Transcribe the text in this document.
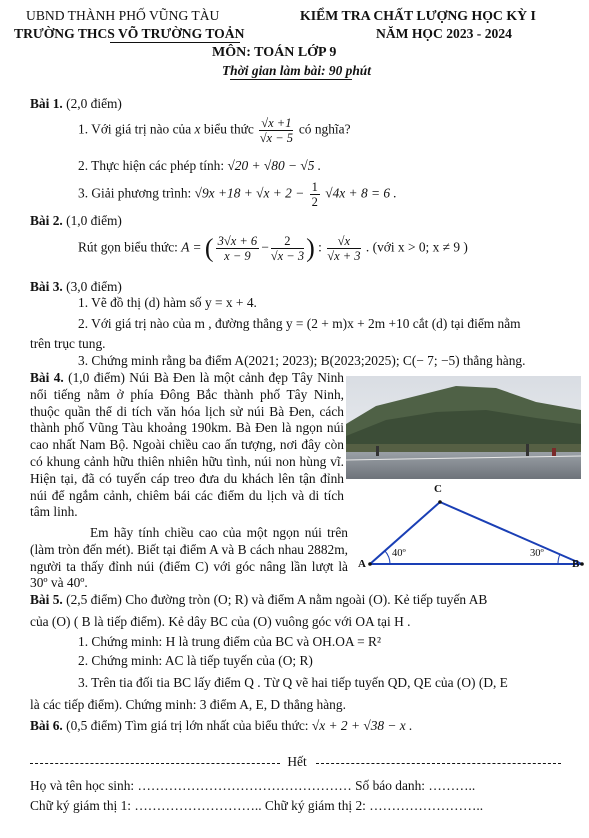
UBND THÀNH PHỐ VŨNG TÀU
TRƯỜNG THCS VÕ TRƯỜNG TOẢN
KIỂM TRA CHẤT LƯỢNG HỌC KỲ I
NĂM HỌC 2023 - 2024
MÔN: TOÁN LỚP 9
Thời gian làm bài: 90 phút
Bài 1. (2,0 điểm)
1. Với giá trị nào của x biểu thức $\frac{√x +1}{√x - 5}$ có nghĩa?
2. Thực hiện các phép tính: √20 + √80 − √5 .
3. Giải phương trình: $√9x +18 + √x + 2 - \frac{1}{2} √4x + 8 = 6$ .
Bài 2. (1,0 điểm)
Rút gọn biểu thức: A = ( $\frac{3√x + 6}{x - 9} - \frac{2}{√x - 3}$ ) : $\frac{√x}{√x + 3}$ . (với x > 0; x ≠ 9 )
Bài 3. (3,0 điểm)
1. Vẽ đồ thị (d) hàm số y = x + 4.
2. Với giá trị nào của m , đường thẳng y = (2 + m)x + 2m +10 cắt (d) tại điểm nằm
trên trục tung.
3. Chứng minh rằng ba điểm A(2021; 2023); B(2023;2025); C(− 7; −5) thẳng hàng.
Bài 4. (1,0 điểm) Núi Bà Đen là một cảnh đẹp Tây Ninh nổi tiếng nằm ở phía Đông Bắc thành phố Tây Ninh, thuộc quần thể di tích văn hóa lịch sử núi Bà Đen, cách thành phố Vũng Tàu khoảng 190km. Bà Đen là ngọn núi cao nhất Nam Bộ. Ngoài chiều cao ấn tượng, nơi đây còn có khung cảnh hữu thiên nhiên hữu tình, núi non hùng vĩ. Hiện tại, đã có tuyến cáp treo đưa du khách lên tận đỉnh núi để ngắm cảnh, chiêm bái các điểm du lịch và di tích tâm linh.
Em hãy tính chiều cao của một ngọn núi trên (làm tròn đến mét). Biết tại điểm A và B cách nhau 2882m, người ta thấy đỉnh núi (điểm C) với góc nâng lần lượt là 30º và 40º.
C
A	B
40º	30º
Bài 5. (2,5 điểm) Cho đường tròn (O; R) và điểm A nằm ngoài (O). Kẻ tiếp tuyến AB
của (O) ( B là tiếp điểm). Kẻ dây BC của (O) vuông góc với OA tại H .
1. Chứng minh: H là trung điểm của BC và OH.OA = R²
2. Chứng minh: AC là tiếp tuyến của (O; R)
3. Trên tia đối tia BC lấy điểm Q . Từ Q vẽ hai tiếp tuyến QD, QE của (O) (D, E
là các tiếp điểm). Chứng minh: 3 điểm A, E, D thẳng hàng.
Bài 6. (0,5 điểm) Tìm giá trị lớn nhất của biểu thức: √x + 2 + √38 − x .
Hết
Họ và tên học sinh: ………………………………………… Số báo danh: ………..
Chữ ký giám thị 1: ……………………….. Chữ ký giám thị 2: ……………………..
